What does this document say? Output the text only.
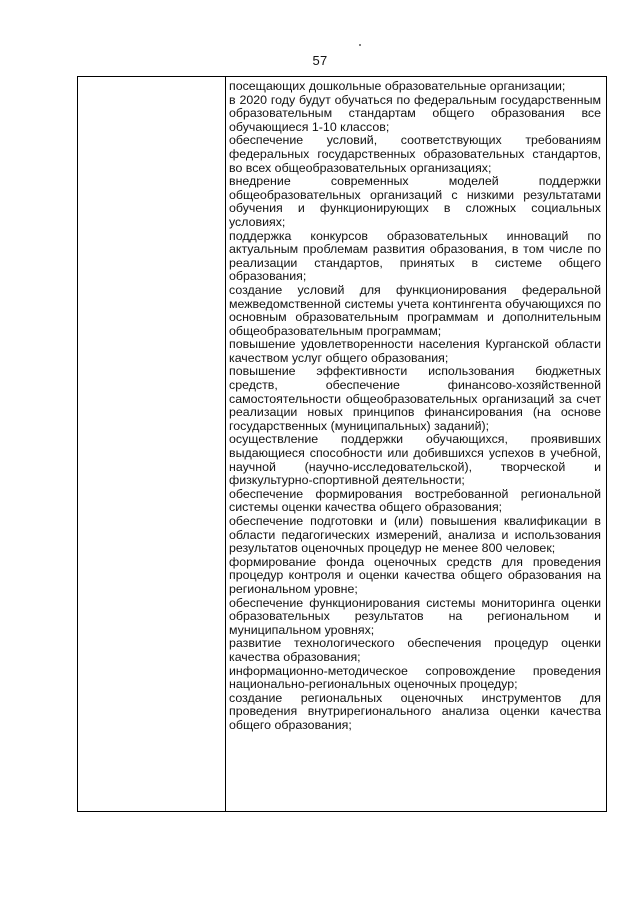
57

посещающих дошкольные образовательные организации;

в 2020 году будут обучаться по федеральным государственным образовательным стандартам общего образования все обучающиеся 1-10 классов;

обеспечение условий, соответствующих требованиям федеральных государственных образовательных стандартов, во всех общеобразовательных организациях;

внедрение современных моделей поддержки общеобразовательных организаций с низкими результатами обучения и функционирующих в сложных социальных условиях;

поддержка конкурсов образовательных инноваций по актуальным проблемам развития образования, в том числе по реализации стандартов, принятых в системе общего образования;

создание условий для функционирования федеральной межведомственной системы учета контингента обучающихся по основным образовательным программам и дополнительным общеобразовательным программам;

повышение удовлетворенности населения Курганской области качеством услуг общего образования;

повышение эффективности использования бюджетных средств, обеспечение финансово-хозяйственной самостоятельности общеобразовательных организаций за счет реализации новых принципов финансирования (на основе государственных (муниципальных) заданий);

осуществление поддержки обучающихся, проявивших выдающиеся способности или добившихся успехов в учебной, научной (научно-исследовательской), творческой и физкультурно-спортивной деятельности;

обеспечение формирования востребованной региональной системы оценки качества общего образования;

обеспечение подготовки и (или) повышения квалификации в области педагогических измерений, анализа и использования результатов оценочных процедур не менее 800 человек;

формирование фонда оценочных средств для проведения процедур контроля и оценки качества общего образования на региональном уровне;

обеспечение функционирования системы мониторинга оценки образовательных результатов на региональном и муниципальном уровнях;

развитие технологического обеспечения процедур оценки качества образования;

информационно-методическое сопровождение проведения национально-региональных оценочных процедур;

создание региональных оценочных инструментов для проведения внутрирегионального анализа оценки качества общего образования;
